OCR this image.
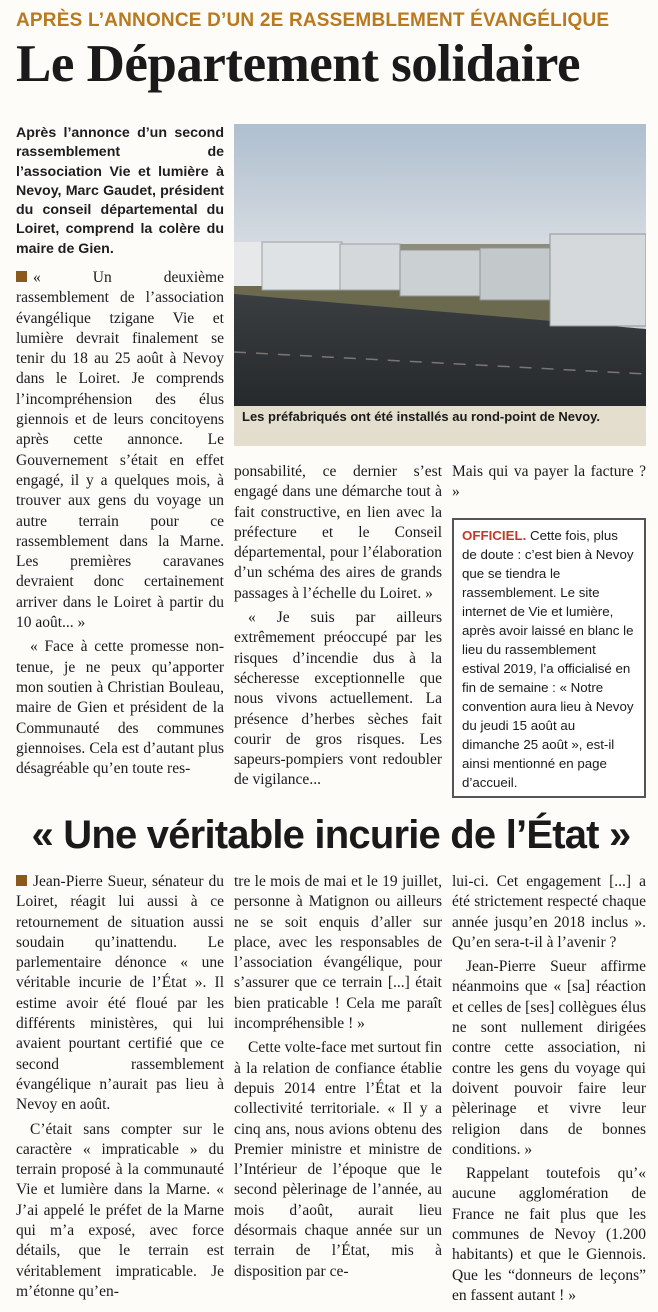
APRÈS L’ANNONCE D’UN 2E RASSEMBLEMENT ÉVANGÉLIQUE
Le Département solidaire
Après l’annonce d’un second rassemblement de l’association Vie et lumière à Nevoy, Marc Gaudet, président du conseil départemental du Loiret, comprend la colère du maire de Gien.
Les préfabriqués ont été installés au rond-point de Nevoy.

« Un deuxième rassemblement de l’association évangélique tzigane Vie et lumière devrait finalement se tenir du 18 au 25 août à Nevoy dans le Loiret. Je comprends l’incompréhension des élus giennois et de leurs concitoyens après cette annonce. Le Gouvernement s’était en effet engagé, il y a quelques mois, à trouver aux gens du voyage un autre terrain pour ce rassemblement dans la Marne. Les premières caravanes devraient donc certainement arriver dans le Loiret à partir du 10 août... »

« Face à cette promesse non-tenue, je ne peux qu’apporter mon soutien à Christian Bouleau, maire de Gien et président de la Communauté des communes giennoises. Cela est d’autant plus désagréable qu’en toute res-

ponsabilité, ce dernier s’est engagé dans une démarche tout à fait constructive, en lien avec la préfecture et le Conseil départemental, pour l’élaboration d’un schéma des aires de grands passages à l’échelle du Loiret. »

« Je suis par ailleurs extrêmement préoccupé par les risques d’incendie dus à la sécheresse exceptionnelle que nous vivons actuellement. La présence d’herbes sèches fait courir de gros risques. Les sapeurs-pompiers vont redoubler de vigilance...

Mais qui va payer la facture ? »

OFFICIEL. Cette fois, plus de doute : c’est bien à Nevoy que se tiendra le rassemblement. Le site internet de Vie et lumière, après avoir laissé en blanc le lieu du rassemblement estival 2019, l’a officialisé en fin de semaine : « Notre convention aura lieu à Nevoy du jeudi 15 août au dimanche 25 août », est-il ainsi mentionné en page d’accueil.
« Une véritable incurie de l’État »

Jean-Pierre Sueur, sénateur du Loiret, réagit lui aussi à ce retournement de situation aussi soudain qu’inattendu. Le parlementaire dénonce « une véritable incurie de l’État ». Il estime avoir été floué par les différents ministères, qui lui avaient pourtant certifié que ce second rassemblement évangélique n’aurait pas lieu à Nevoy en août.

C’était sans compter sur le caractère « impraticable » du terrain proposé à la communauté Vie et lumière dans la Marne. « J’ai appelé le préfet de la Marne qui m’a exposé, avec force détails, que le terrain est véritablement impraticable. Je m’étonne qu’en-

tre le mois de mai et le 19 juillet, personne à Matignon ou ailleurs ne se soit enquis d’aller sur place, avec les responsables de l’association évangélique, pour s’assurer que ce terrain [...] était bien praticable ! Cela me paraît incompréhensible ! »

Cette volte-face met surtout fin à la relation de confiance établie depuis 2014 entre l’État et la collectivité territoriale. « Il y a cinq ans, nous avions obtenu des Premier ministre et ministre de l’Intérieur de l’époque que le second pèlerinage de l’année, au mois d’août, aurait lieu désormais chaque année sur un terrain de l’État, mis à disposition par ce-

lui-ci. Cet engagement [...] a été strictement respecté chaque année jusqu’en 2018 inclus ». Qu’en sera-t-il à l’avenir ?

Jean-Pierre Sueur affirme néanmoins que « [sa] réaction et celles de [ses] collègues élus ne sont nullement dirigées contre cette association, ni contre les gens du voyage qui doivent pouvoir faire leur pèlerinage et vivre leur religion dans de bonnes conditions. »

Rappelant toutefois qu’« aucune agglomération de France ne fait plus que les communes de Nevoy (1.200 habitants) et que le Giennois. Que les “donneurs de leçons” en fassent autant ! »
